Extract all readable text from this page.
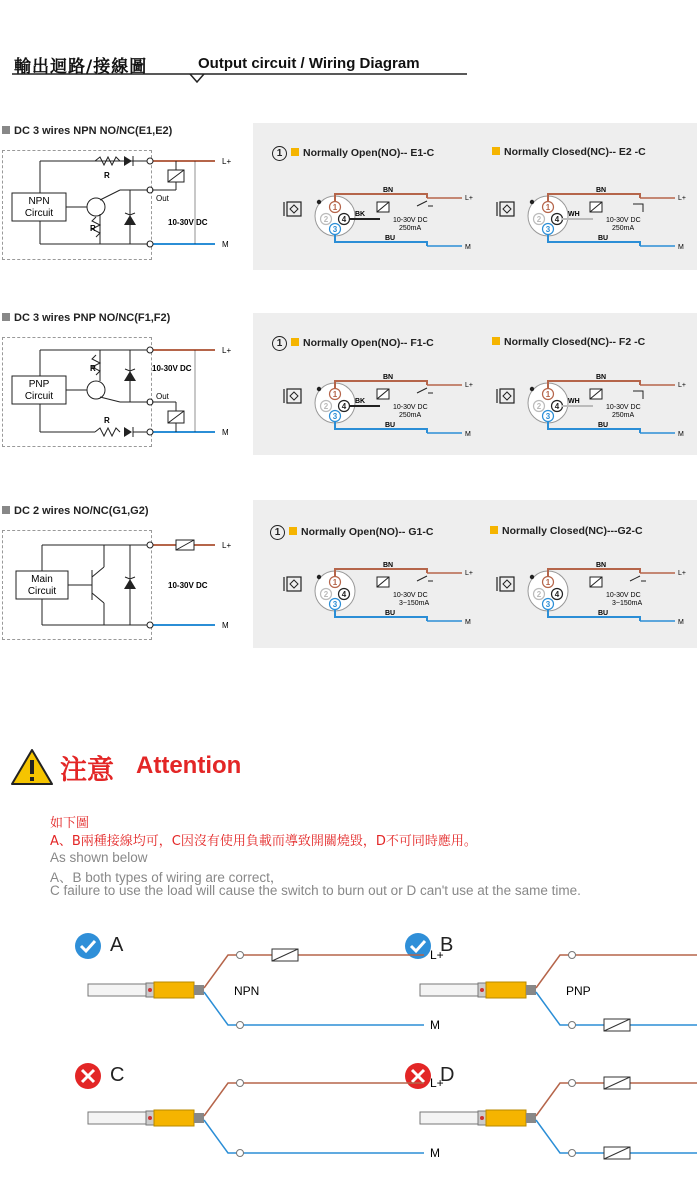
輸出迴路/接線圖	Output circuit / Wiring Diagram
DC 3 wires NPN NO/NC(E1,E2)
R
R
Out
10-30V DC
L+
M
NPN
Circuit
1 Normally Open(NO)-- E1-C	Normally Closed(NC)-- E2 -C
DC 3 wires PNP NO/NC(F1,F2)
R
R
Out
10-30V DC
L+
M
PNP
Circuit
1 Normally Open(NO)-- F1-C	Normally Closed(NC)-- F2 -C
DC 2 wires NO/NC(G1,G2)
10-30V DC
L+
M
Main
Circuit
1 Normally Open(NO)-- G1-C	Normally Closed(NC)---G2-C
1
2
3
4
BN
L+
BU
M
BK
10-30V DC
250mA
1
2
3
4
BN
L+
BU
M
WH
10-30V DC
250mA
1
2
3
4
BN
L+
BU
M
BK
10-30V DC
250mA
1
2
3
4
BN
L+
BU
M
WH
10-30V DC
250mA
1
2
3
4
BN
L+
BU
M
10-30V DC
3~150mA
1
2
3
4
BN
L+
BU
M
10-30V DC
3~150mA
注意 Attention
如下圖
A、B兩種接線均可，C因沒有使用負載而導致開關燒毀，D不可同時應用。
As shown below
A、B both types of wiring are correct，
C failure to use the load will cause the switch to burn out or D can't use at the same time.
A	B
C	D
L+
M
NPN	PNP
L+
M
